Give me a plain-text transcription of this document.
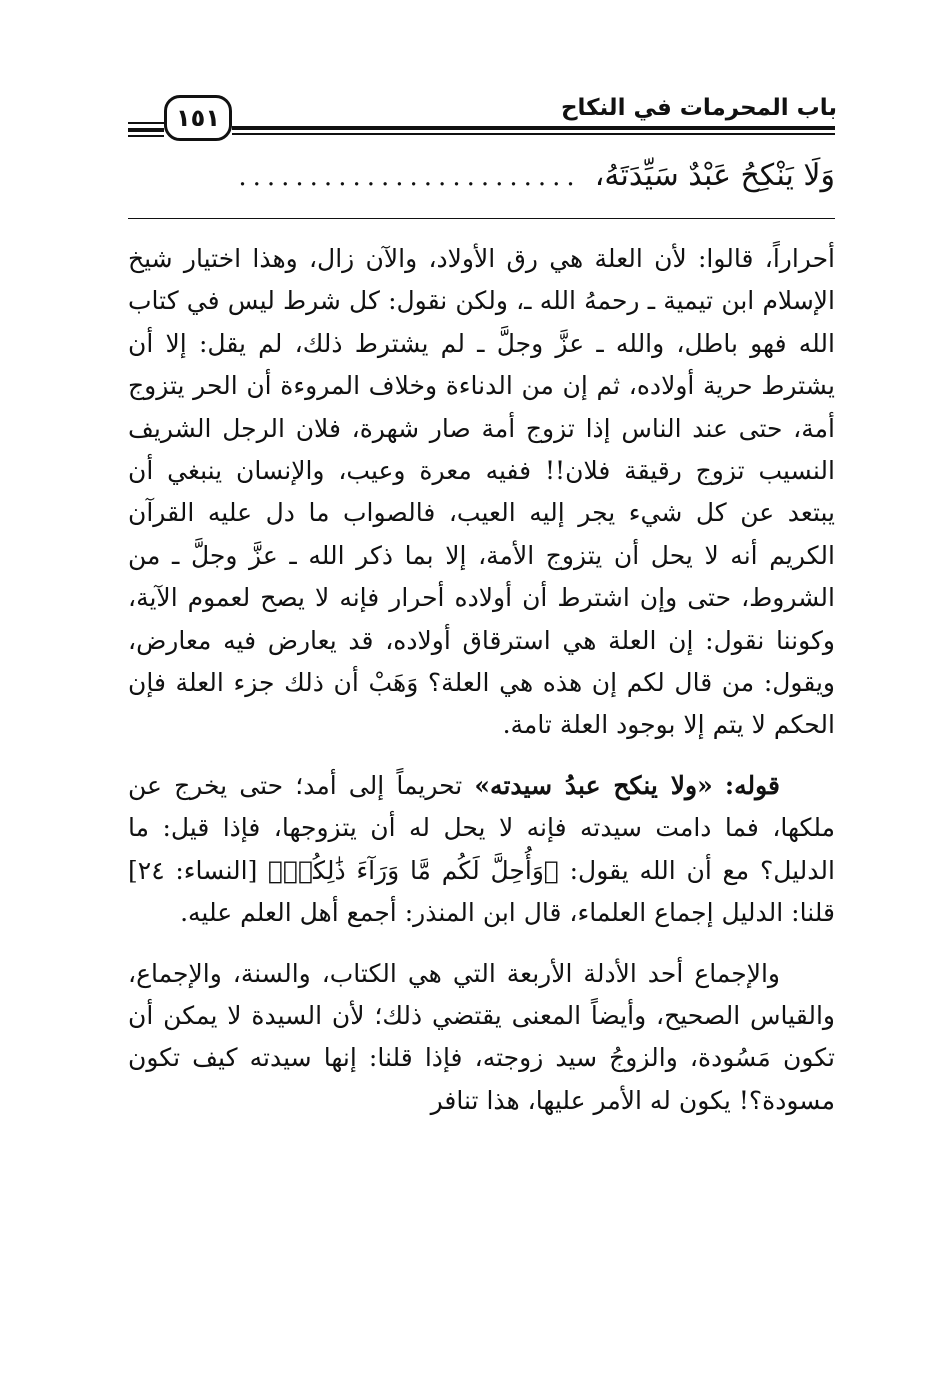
باب المحرمات في النكاح
١٥١
وَلَا يَنْكِحُ عَبْدٌ سَيِّدَتَهُ،
........................

أحراراً، قالوا: لأن العلة هي رق الأولاد، والآن زال، وهذا اختيار شيخ الإسلام ابن تيمية ـ رحمهُ الله ـ، ولكن نقول: كل شرط ليس في كتاب الله فهو باطل، والله ـ عزَّ وجلَّ ـ لم يشترط ذلك، لم يقل: إلا أن يشترط حرية أولاده، ثم إن من الدناءة وخلاف المروءة أن الحر يتزوج أمة، حتى عند الناس إذا تزوج أمة صار شهرة، فلان الرجل الشريف النسيب تزوج رقيقة فلان!! ففيه معرة وعيب، والإنسان ينبغي أن يبتعد عن كل شيء يجر إليه العيب، فالصواب ما دل عليه القرآن الكريم أنه لا يحل أن يتزوج الأمة، إلا بما ذكر الله ـ عزَّ وجلَّ ـ من الشروط، حتى وإن اشترط أن أولاده أحرار فإنه لا يصح لعموم الآية، وكوننا نقول: إن العلة هي استرقاق أولاده، قد يعارض فيه معارض، ويقول: من قال لكم إن هذه هي العلة؟ وَهَبْ أن ذلك جزء العلة فإن الحكم لا يتم إلا بوجود العلة تامة.

قوله: «ولا ينكح عبدُ سيدته» تحريماً إلى أمد؛ حتى يخرج عن ملكها، فما دامت سيدته فإنه لا يحل له أن يتزوجها، فإذا قيل: ما الدليل؟ مع أن الله يقول: ﴿وَأُحِلَّ لَكُم مَّا وَرَآءَ ذَٰلِكُمۡ﴾ [النساء: ٢٤] قلنا: الدليل إجماع العلماء، قال ابن المنذر: أجمع أهل العلم عليه.

والإجماع أحد الأدلة الأربعة التي هي الكتاب، والسنة، والإجماع، والقياس الصحيح، وأيضاً المعنى يقتضي ذلك؛ لأن السيدة لا يمكن أن تكون مَسُودة، والزوجُ سيد زوجته، فإذا قلنا: إنها سيدته كيف تكون مسودة؟! يكون له الأمر عليها، هذا تنافر
